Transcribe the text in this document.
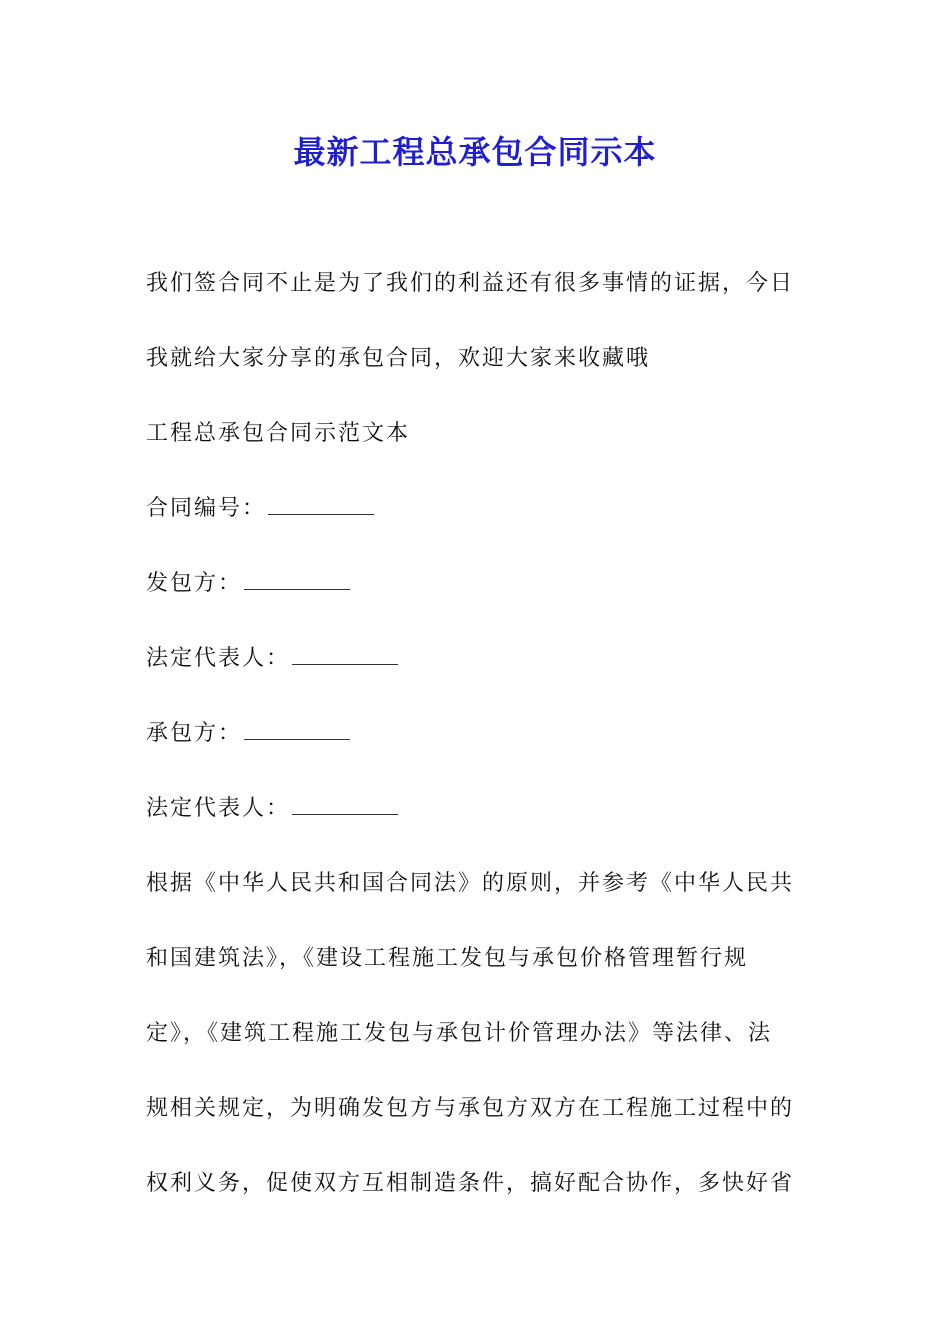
最新工程总承包合同示本
我们签合同不止是为了我们的利益还有很多事情的证据，今日
我就给大家分享的承包合同，欢迎大家来收藏哦
工程总承包合同示范文本
合同编号：
发包方：
法定代表人：
承包方：
法定代表人：
根据《中华人民共和国合同法》的原则，并参考《中华人民共
和国建筑法》，《建设工程施工发包与承包价格管理暂行规
定》，《建筑工程施工发包与承包计价管理办法》等法律、法
规相关规定，为明确发包方与承包方双方在工程施工过程中的
权利义务，促使双方互相制造条件，搞好配合协作，多快好省
